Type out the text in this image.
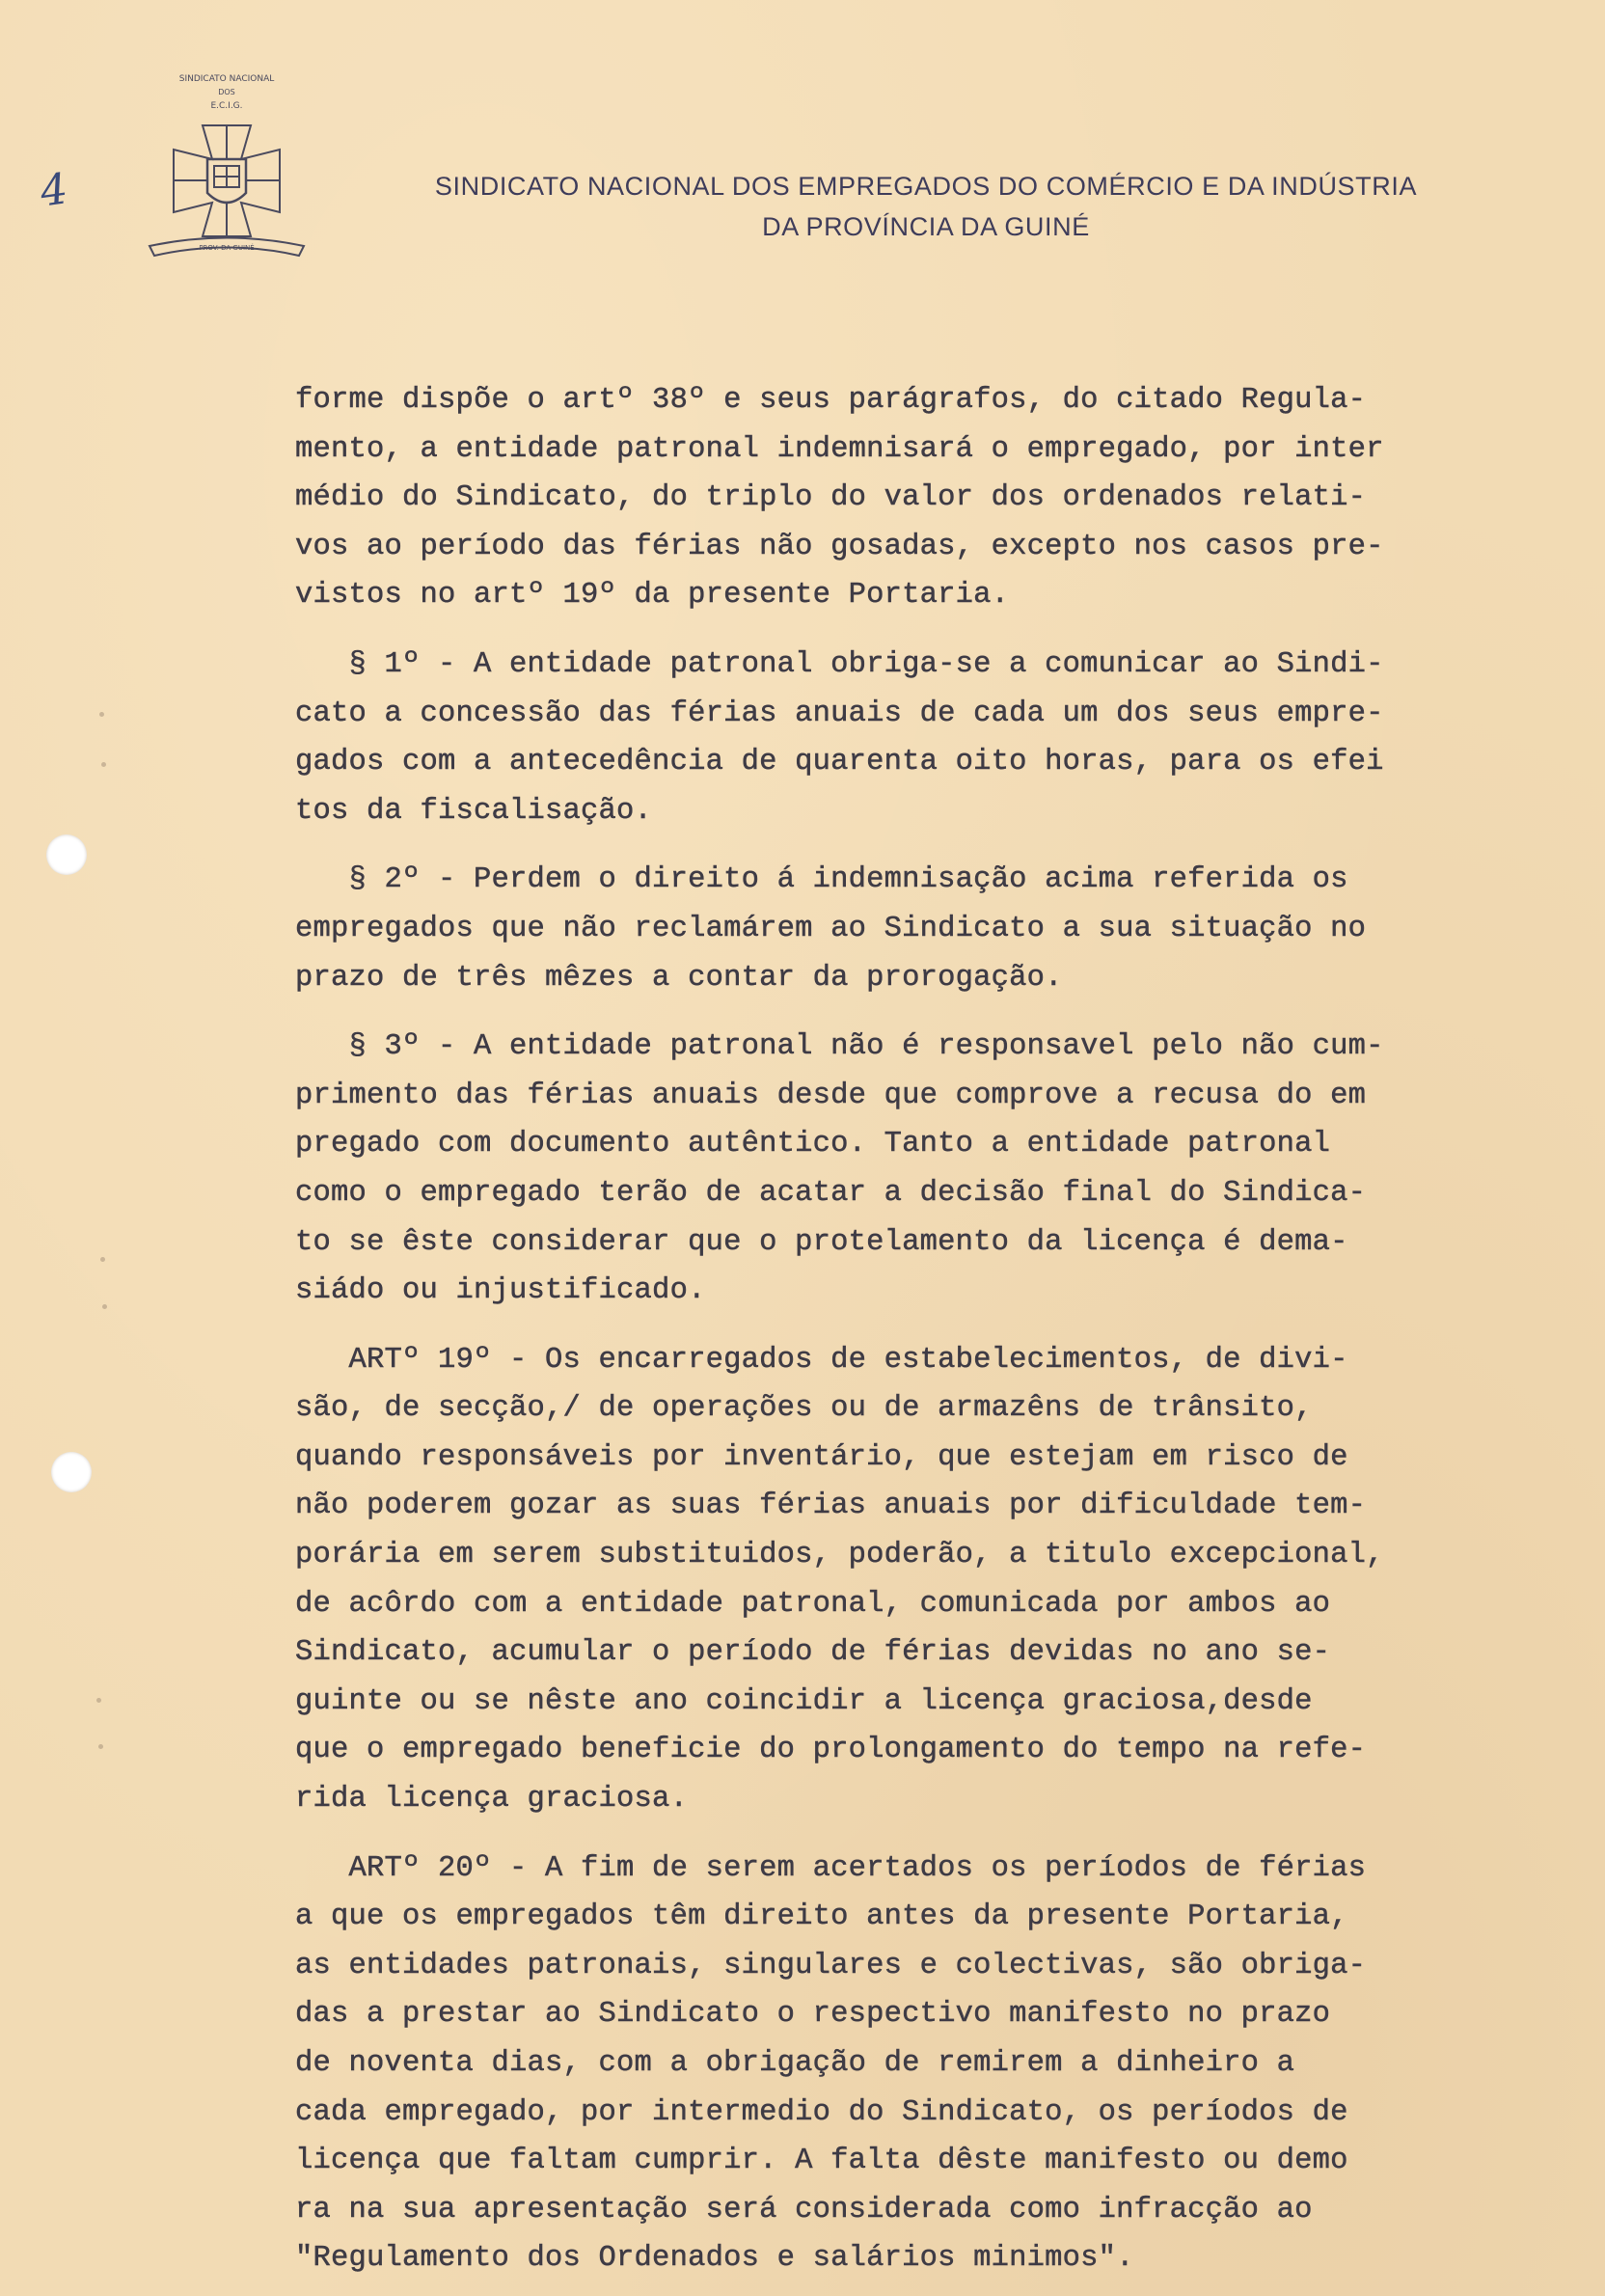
4
SINDICATO NACIONAL
DOS
E.C.I.G.
PROV. DA GUINÉ
SINDICATO NACIONAL DOS EMPREGADOS DO COMÉRCIO E DA INDÚSTRIA
DA PROVÍNCIA DA GUINÉ

forme dispõe o artº 38º e seus parágrafos, do citado Regula-
mento, a entidade patronal indemnisará o empregado, por inter
médio do Sindicato, do triplo do valor dos ordenados relati-
vos ao período das férias não gosadas, excepto nos casos pre-
vistos no artº 19º da presente Portaria.

§ 1º - A entidade patronal obriga-se a comunicar ao Sindi-
cato a concessão das férias anuais de cada um dos seus empre-
gados com a antecedência de quarenta oito horas, para os efei
tos da fiscalisação.

§ 2º - Perdem o direito á indemnisação acima referida os
empregados que não reclamárem ao Sindicato a sua situação no
prazo de três mêzes a contar da prorogação.

§ 3º - A entidade patronal não é responsavel pelo não cum-
primento das férias anuais desde que comprove a recusa do em
pregado com documento autêntico. Tanto a entidade patronal
como o empregado terão de acatar a decisão final do Sindica-
to se êste considerar que o protelamento da licença é dema-
siádo ou injustificado.

ARTº 19º - Os encarregados de estabelecimentos, de divi-
são, de secção,/ de operações ou de armazêns de trânsito,
quando responsáveis por inventário, que estejam em risco de
não poderem gozar as suas férias anuais por dificuldade tem-
porária em serem substituidos, poderão, a titulo excepcional,
de acôrdo com a entidade patronal, comunicada por ambos ao
Sindicato, acumular o período de férias devidas no ano se-
guinte ou se nêste ano coincidir a licença graciosa,desde
que o empregado beneficie do prolongamento do tempo na refe-
rida licença graciosa.

ARTº 20º - A fim de serem acertados os períodos de férias
a que os empregados têm direito antes da presente Portaria,
as entidades patronais, singulares e colectivas, são obriga-
das a prestar ao Sindicato o respectivo manifesto no prazo
de noventa dias, com a obrigação de remirem a dinheiro a
cada empregado, por intermedio do Sindicato, os períodos de
licença que faltam cumprir. A falta dêste manifesto ou demo
ra na sua apresentação será considerada como infracção ao
"Regulamento dos Ordenados e salários minimos".
